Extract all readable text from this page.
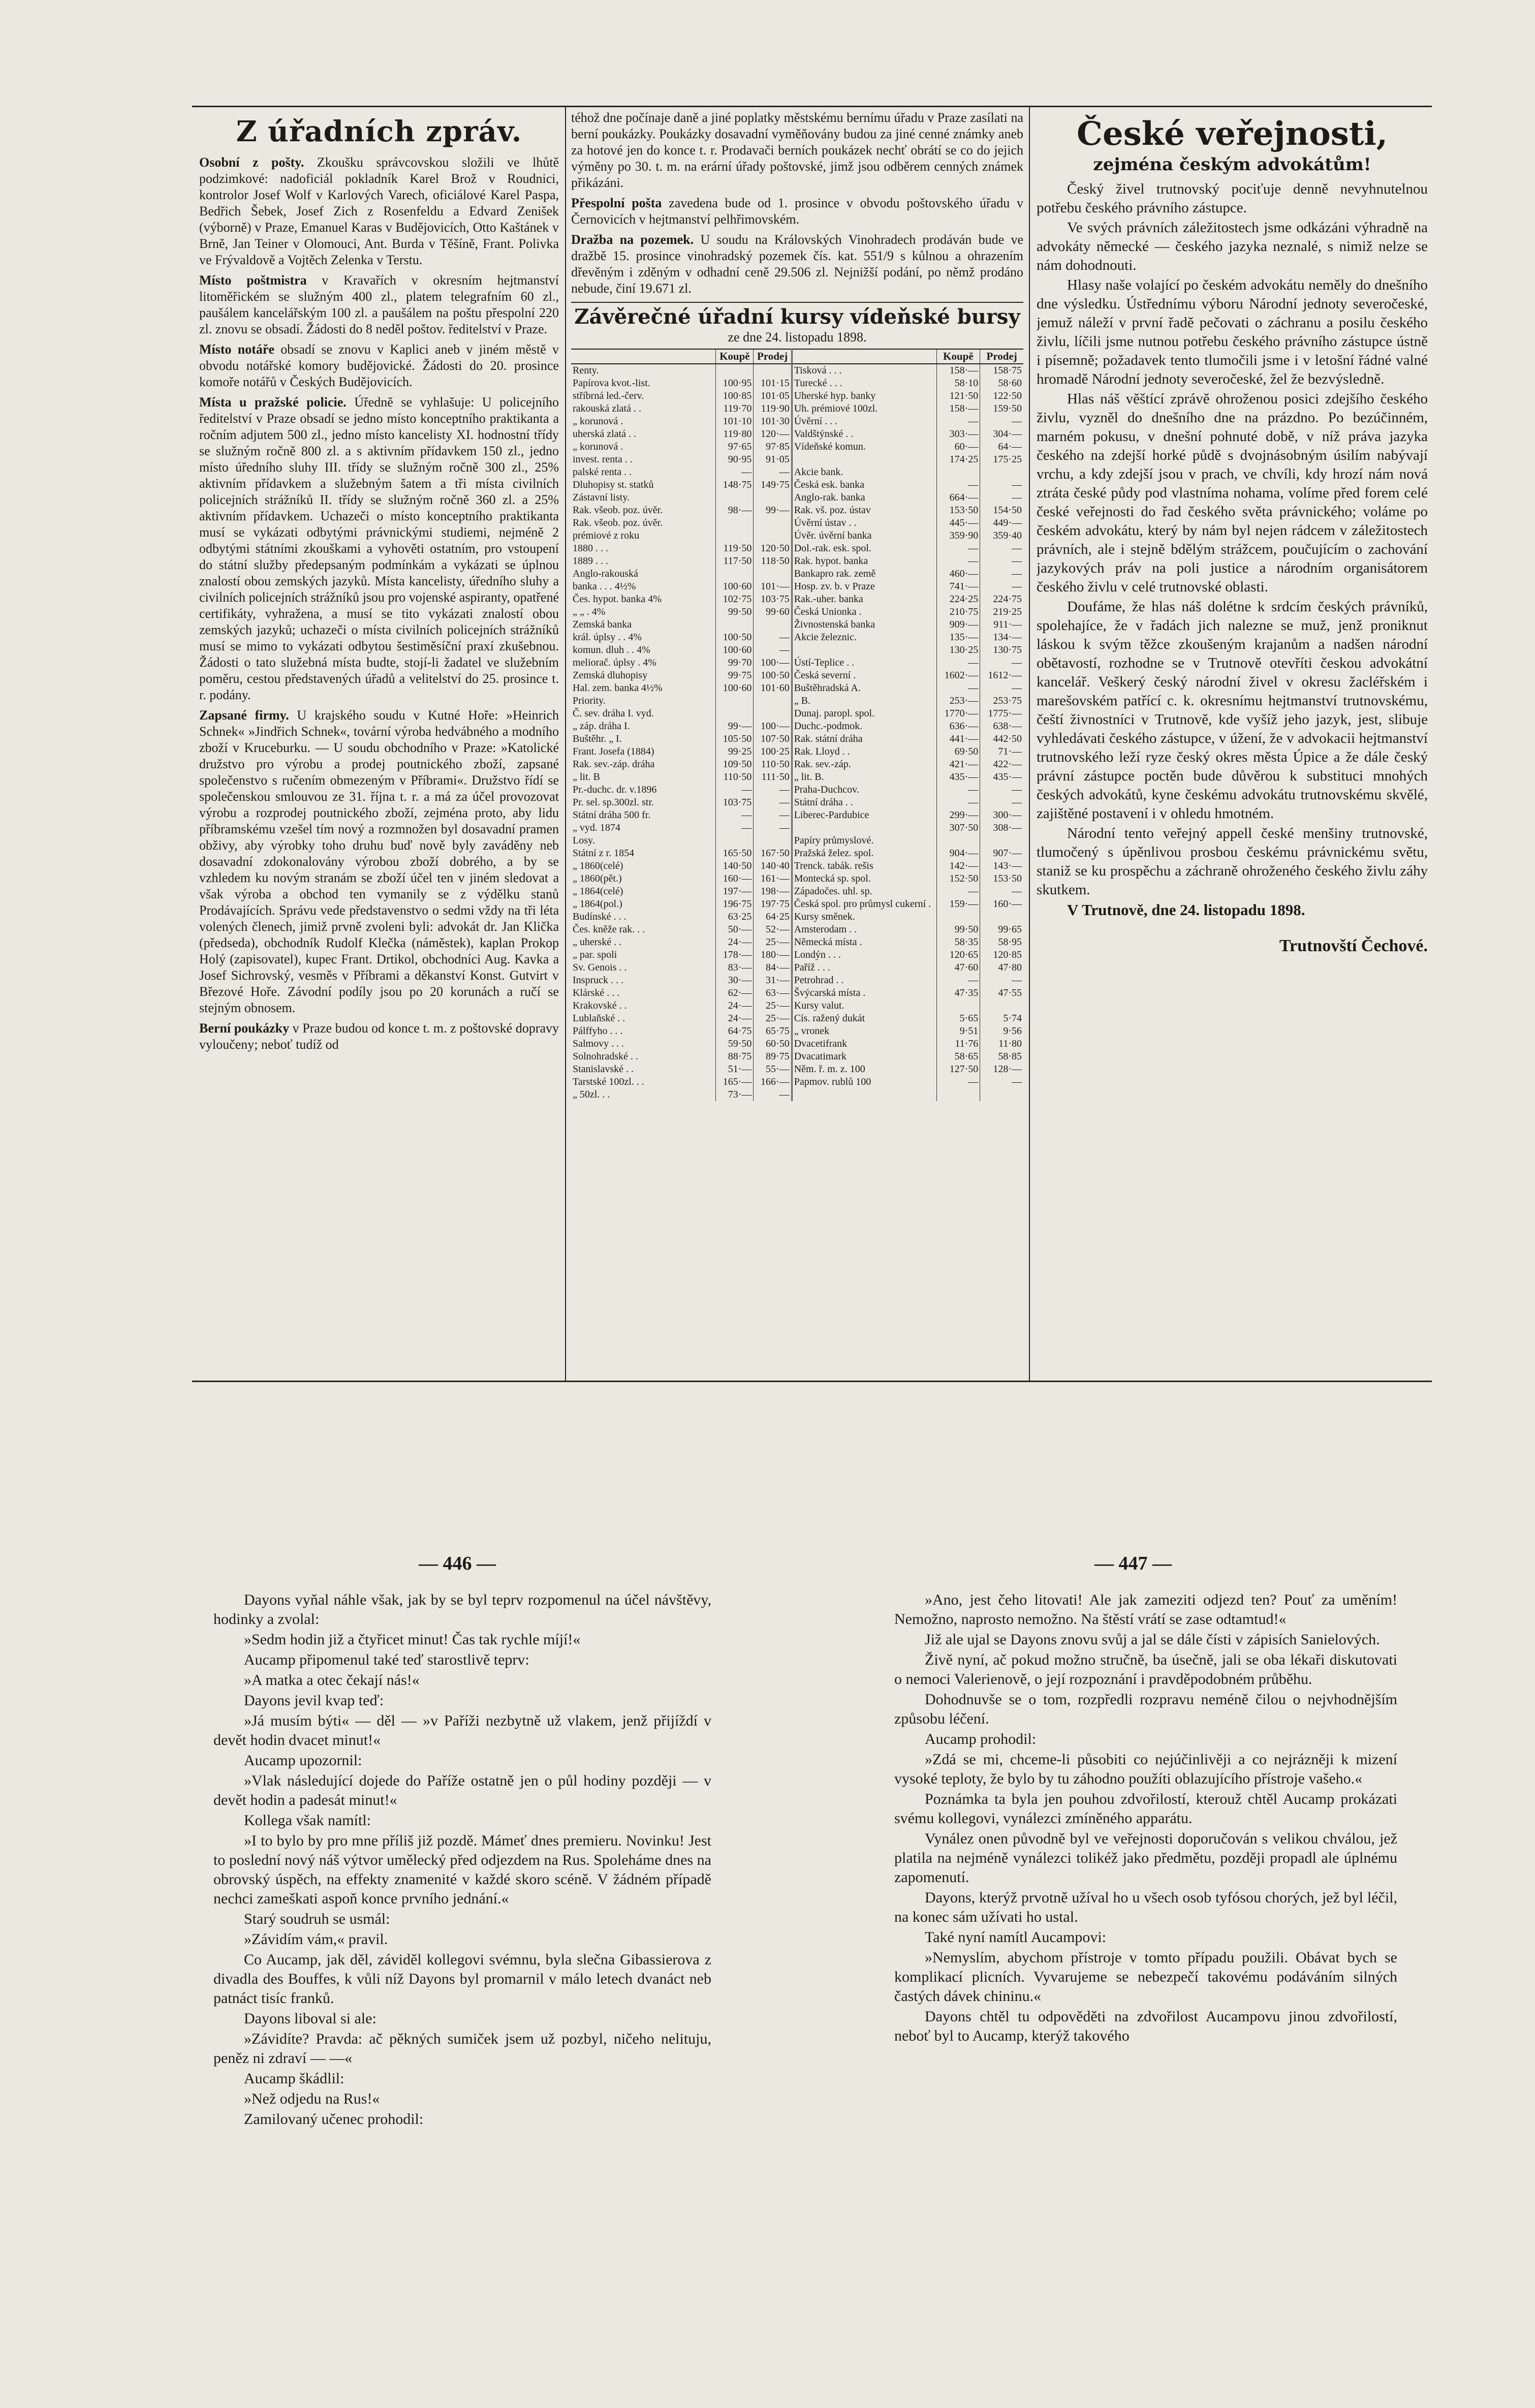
Z úřadních zpráv.

Osobní z pošty. Zkoušku správcovskou složili ve lhůtě podzimkové: nadoficiál pokladník Karel Brož v Roudnici, kontrolor Josef Wolf v Karlových Varech, oficiálové Karel Paspa, Bedřich Šebek, Josef Zich z Rosenfeldu a Edvard Zenišek (výborně) v Praze, Emanuel Karas v Budějovicích, Otto Kaštánek v Brně, Jan Teiner v Olomouci, Ant. Burda v Těšíně, Frant. Polivka ve Frývaldově a Vojtěch Zelenka v Terstu.

Místo poštmistra v Kravařích v okresním hejtmanství litoměřickém se služným 400 zl., platem telegrafním 60 zl., paušálem kancelářským 100 zl. a paušálem na poštu přespolní 220 zl. znovu se obsadí. Žádosti do 8 neděl poštov. ředitelství v Praze.

Místo notáře obsadí se znovu v Kaplici aneb v jiném městě v obvodu notářské komory budějovické. Žádosti do 20. prosince komoře notářů v Českých Budějovicích.

Místa u pražské policie. Úředně se vyhlašuje: U policejního ředitelství v Praze obsadí se jedno místo konceptního praktikanta a ročním adjutem 500 zl., jedno místo kancelisty XI. hodnostní třídy se služným ročně 800 zl. a s aktivním přídavkem 150 zl., jedno místo úředního sluhy III. třídy se služným ročně 300 zl., 25% aktivním přídavkem a služebným šatem a tři místa civilních policejních strážníků II. třídy se služným ročně 360 zl. a 25% aktivním přídavkem. Uchazeči o místo konceptního praktikanta musí se vykázati odbytými právnickými studiemi, nejméně 2 odbytými státními zkouškami a vyhověti ostatním, pro vstoupení do státní služby předepsaným podmínkám a vykázati se úplnou znalostí obou zemských jazyků. Místa kancelisty, úředního sluhy a civilních policejních strážníků jsou pro vojenské aspiranty, opatřené certifikáty, vyhražena, a musí se tito vykázati znalostí obou zemských jazyků; uchazeči o místa civilních policejních strážníků musí se mimo to vykázati odbytou šestiměsíční praxí zkušebnou. Žádosti o tato služebná místa budte, stojí-li žadatel ve služebním poměru, cestou představených úřadů a velitelství do 25. prosince t. r. podány.

Zapsané firmy. U krajského soudu v Kutné Hoře: »Heinrich Schnek« »Jindřich Schnek«, tovární výroba hedvábného a modního zboží v Kruceburku. — U soudu obchodního v Praze: »Katolické družstvo pro výrobu a prodej poutnického zboží, zapsané společenstvo s ručením obmezeným v Příbrami«. Družstvo řídí se společenskou smlouvou ze 31. října t. r. a má za účel provozovat výrobu a rozprodej poutnického zboží, zejména proto, aby lidu příbramskému vzešel tím nový a rozmnožen byl dosavadní pramen obživy, aby výrobky toho druhu buď nově byly zaváděny neb dosavadní zdokonalovány výrobou zboží dobrého, a by se vzhledem ku novým stranám se zboží účel ten v jiném sledovat a však výroba a obchod ten vymanily se z výdělku stanů Prodávajících. Správu vede představenstvo o sedmi vždy na tři léta volených členech, jimiž prvně zvoleni byli: advokát dr. Jan Klička (předseda), obchodník Rudolf Klečka (náměstek), kaplan Prokop Holý (zapisovatel), kupec Frant. Drtikol, obchodníci Aug. Kavka a Josef Sichrovský, vesměs v Příbrami a děkanství Konst. Gutvirt v Březové Hoře. Závodní podíly jsou po 20 korunách a ručí se stejným obnosem.

Berní poukázky v Praze budou od konce t. m. z poštovské dopravy vyloučeny; neboť tudíž od

téhož dne počínaje daně a jiné poplatky městskému bernímu úřadu v Praze zasílati na berní poukázky. Poukázky dosavadní vyměňovány budou za jiné cenné známky aneb za hotové jen do konce t. r. Prodavači berních poukázek nechť obrátí se co do jejich výměny po 30. t. m. na erární úřady poštovské, jimž jsou odběrem cenných známek přikázáni.

Přespolní pošta zavedena bude od 1. prosince v obvodu poštovského úřadu v Černovicích v hejtmanství pelhřimovském.

Dražba na pozemek. U soudu na Královských Vinohradech prodáván bude ve dražbě 15. prosince vinohradský pozemek čís. kat. 551/9 s kůlnou a ohrazením dřevěným i zděným v odhadní ceně 29.506 zl. Nejnižší podání, po němž prodáno nebude, činí 19.671 zl.

Závěrečné úřadní kursy vídeňské bursy
ze dne 24. listopadu 1898.
	Koupě	Prodej		Koupě	Prodej
Renty.			Tisková . . .	158·—	158·75
Papírova kvot.-list.	100·95	101·15	Turecké . . .	58·10	58·60
stříbrná led.-červ.	100·85	101·05	Uherské hyp. banky	121·50	122·50
rakouská zlatá . .	119·70	119·90	Uh. prémiové 100zl.	158·—	159·50
„ korunová .	101·10	101·30	Úvěrní . . .	—	—
uherská zlatá . .	119·80	120·—	Valdštýnské . .	303·—	304·—
„ korunová .	97·65	97·85	Vídeňské komun.	60·—	64·—
invest. renta . .	90·95	91·05		174·25	175·25
palské renta . .	—	—	Akcie bank.		
Dluhopisy st. statků	148·75	149·75	Česká esk. banka	—	—
Zástavní listy.			Anglo-rak. banka	664·—	—
Rak. všeob. poz. úvěr.	98·—	99·—	Rak. vš. poz. ústav	153·50	154·50
Rak. všeob. poz. úvěr.			Úvěrní ústav . .	445·—	449·—
prémiové z roku			Úvěr. úvěrní banka	359·90	359·40
1880 . . .	119·50	120·50	Dol.-rak. esk. spol.	—	—
1889 . . .	117·50	118·50	Rak. hypot. banka	—	—
Anglo-rakouská			Bankapro rak. země	460·—	—
banka . . . 4½%	100·60	101·—	Hosp. zv. b. v Praze	741·—	—
Čes. hypot. banka 4%	102·75	103·75	Rak.-uher. banka	224·25	224·75
„ „ . 4%	99·50	99·60	Česká Unionka .	210·75	219·25
Zemská banka			Živnostenská banka	909·—	911·—
král. úplsy . . 4%	100·50	—	Akcie železnic.	135·—	134·—
komun. dluh . . 4%	100·60	—		130·25	130·75
meliorač. úplsy . 4%	99·70	100·—	Ústí-Teplice . .	—	—
Zemská dluhopisy	99·75	100·50	Česká severní .	1602·—	1612·—
Hal. zem. banka 4½%	100·60	101·60	Buštěhradská A.	—	—
Priority.			„ B.	253·—	253·75
Č. sev. dráha I. vyd.			Dunaj. paropl. spol.	1770·—	1775·—
„ záp. dráha I.	99·—	100·—	Duchc.-podmok.	636·—	638·—
Buštěhr. „ I.	105·50	107·50	Rak. státní dráha	441·—	442·50
Frant. Josefa (1884)	99·25	100·25	Rak. Lloyd . .	69·50	71·—
Rak. sev.-záp. dráha	109·50	110·50	Rak. sev.-záp.	421·—	422·—
„ lit. B	110·50	111·50	„ lit. B.	435·—	435·—
Pr.-duchc. dr. v.1896	—	—	Praha-Duchcov.	—	—
Pr. sel. sp.300zl. str.	103·75	—	Státní dráha . .	—	—
Státní dráha 500 fr.	—	—	Liberec-Pardubice	299·—	300·—
„ vyd. 1874	—	—		307·50	308·—
Losy.			Papíry průmyslové.		
Státní z r. 1854	165·50	167·50	Pražská želez. spol.	904·—	907·—
„ 1860(celé)	140·50	140·40	Trenck. tabák. rešis	142·—	143·—
„ 1860(pět.)	160·—	161·—	Montecká sp. spol.	152·50	153·50
„ 1864(celé)	197·—	198·—	Západočes. uhl. sp.	—	—
„ 1864(pol.)	196·75	197·75	Česká spol. pro průmysl cukerní .	159·—	160·—
Budínské . . .	63·25	64·25	Kursy směnek.		
Čes. kněže rak. . .	50·—	52·—	Amsterodam . .	99·50	99·65
„ uherské . .	24·—	25·—	Německá místa .	58·35	58·95
„ par. spoli	178·—	180·—	Londýn . . .	120·65	120·85
Sv. Genois . .	83·—	84·—	Paříž . . .	47·60	47·80
Inspruck . . .	30·—	31·—	Petrohrad . .	—	—
Klárské . . .	62·—	63·—	Švýcarská místa .	47·35	47·55
Krakovské . .	24·—	25·—	Kursy valut.		
Lublaňské . .	24·—	25·—	Cís. ražený dukát	5·65	5·74
Pálffyho . . .	64·75	65·75	„ vronek	9·51	9·56
Salmovy . . .	59·50	60·50	Dvacetifrank	11·76	11·80
Solnohradské . .	88·75	89·75	Dvacatimark	58·65	58·85
Stanislavské . .	51·—	55·—	Něm. ř. m. z. 100	127·50	128·—
Tarstské 100zl. . .	165·—	166·—	Papmov. rublů 100	—	—
„ 50zl. . .	73·—	—			
České veřejnosti,
zejména českým advokátům!

Český živel trutnovský pociťuje denně nevyhnutelnou potřebu českého právního zástupce.

Ve svých právních záležitostech jsme odkázáni výhradně na advokáty německé — českého jazyka neznalé, s nimiž nelze se nám dohodnouti.

Hlasy naše volající po českém advokátu neměly do dnešního dne výsledku. Ústřednímu výboru Národní jednoty severočeské, jemuž náleží v první řadě pečovati o záchranu a posilu českého živlu, líčili jsme nutnou potřebu českého právního zástupce ústně i písemně; požadavek tento tlumočili jsme i v letošní řádné valné hromadě Národní jednoty severočeské, žel že bezvýsledně.

Hlas náš věštící zprávě ohroženou posici zdejšího českého živlu, vyzněl do dnešního dne na prázdno. Po bezúčinném, marném pokusu, v dnešní pohnuté době, v níž práva jazyka českého na zdejší horké půdě s dvojnásobným úsilím nabývají vrchu, a kdy zdejší jsou v prach, ve chvíli, kdy hrozí nám nová ztráta české půdy pod vlastníma nohama, volíme před forem celé české veřejnosti do řad českého světa právnického; voláme po českém advokátu, který by nám byl nejen rádcem v záležitostech právních, ale i stejně bdělým strážcem, poučujícím o zachování jazykových práv na poli justice a národním organisátorem českého živlu v celé trutnovské oblasti.

Doufáme, že hlas náš dolétne k srdcím českých právníků, spolehajíce, že v řadách jich nalezne se muž, jenž proniknut láskou k svým těžce zkoušeným krajanům a nadšen národní obětavostí, rozhodne se v Trutnově otevříti českou advokátní kancelář. Veškerý český národní živel v okresu žacléřském i marešovském patřící c. k. okresnímu hejtmanství trutnovskému, čeští živnostníci v Trutnově, kde vyšíž jeho jazyk, jest, slibuje vyhledávati českého zástupce, v úžení, že v advokacii hejtmanství trutnovského leží ryze český okres města Úpice a že dále český právní zástupce poctěn bude důvěrou k substituci mnohých českých advokátů, kyne českému advokátu trutnovskému skvělé, zajištěné postavení i v ohledu hmotném.

Národní tento veřejný appell české menšiny trutnovské, tlumočený s úpěnlivou prosbou českému právnickému světu, staniž se ku prospěchu a záchraně ohroženého českého živlu záhy skutkem.

V Trutnově, dne 24. listopadu 1898.

Trutnovští Čechové.

— 446 —	— 447 —

Dayons vyňal náhle však, jak by se byl teprv rozpomenul na účel návštěvy, hodinky a zvolal:

»Sedm hodin již a čtyřicet minut! Čas tak rychle míjí!«

Aucamp připomenul také teď starostlivě teprv:

»A matka a otec čekají nás!«

Dayons jevil kvap teď:

»Já musím býti« — děl — »v Paříži nezbytně už vlakem, jenž přijíždí v devět hodin dvacet minut!«

Aucamp upozornil:

»Vlak následující dojede do Paříže ostatně jen o půl hodiny později — v devět hodin a padesát minut!«

Kollega však namítl:

»I to bylo by pro mne příliš již pozdě. Mámeť dnes premieru. Novinku! Jest to poslední nový náš výtvor umělecký před odjezdem na Rus. Spoleháme dnes na obrovský úspěch, na effekty znamenité v každé skoro scéně. V žádném případě nechci zameškati aspoň konce prvního jednání.«

Starý soudruh se usmál:

»Závidím vám,« pravil.

Co Aucamp, jak děl, záviděl kollegovi svémnu, byla slečna Gibassierova z divadla des Bouffes, k vůli níž Dayons byl promarnil v málo letech dvanáct neb patnáct tisíc franků.

Dayons liboval si ale:

»Závidíte? Pravda: ač pěkných sumiček jsem už pozbyl, ničeho nelituju, peněz ni zdraví — —«

Aucamp škádlil:

»Než odjedu na Rus!«

Zamilovaný učenec prohodil:

»Ano, jest čeho litovati! Ale jak zameziti odjezd ten? Pouť za uměním! Nemožno, naprosto nemožno. Na štěstí vrátí se zase odtamtud!«

Již ale ujal se Dayons znovu svůj a jal se dále čísti v zápisích Sanielových.

Živě nyní, ač pokud možno stručně, ba úsečně, jali se oba lékaři diskutovati o nemoci Valerienově, o její rozpoznání i pravděpodobném průběhu.

Dohodnuvše se o tom, rozpředli rozpravu neméně čilou o nejvhodnějším způsobu léčení.

Aucamp prohodil:

»Zdá se mi, chceme-li působiti co nejúčinlivěji a co nejrázněji k mizení vysoké teploty, že bylo by tu záhodno použíti oblazujícího přístroje vašeho.«

Poznámka ta byla jen pouhou zdvořilostí, kterouž chtěl Aucamp prokázati svému kollegovi, vynálezci zmíněného apparátu.

Vynález onen původně byl ve veřejnosti doporučován s velikou chválou, jež platila na nejméně vynálezci tolikéž jako předmětu, později propadl ale úplnému zapomenutí.

Dayons, kterýž prvotně užíval ho u všech osob tyfósou chorých, jež byl léčil, na konec sám užívati ho ustal.

Také nyní namítl Aucampovi:

»Nemyslím, abychom přístroje v tomto případu použili. Obávat bych se komplikací plicních. Vyvarujeme se nebezpečí takovému podáváním silných častých dávek chininu.«

Dayons chtěl tu odpověděti na zdvořilost Aucampovu jinou zdvořilostí, neboť byl to Aucamp, kterýž takového
